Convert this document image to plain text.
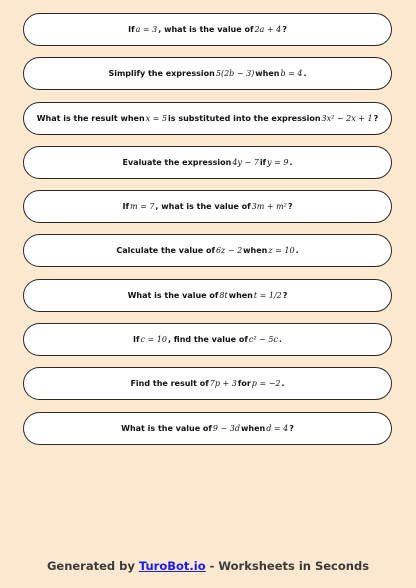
If a = 3 , what is the value of 2a + 4 ?
Simplify the expression 5(2b − 3) when b = 4 .
What is the result when x = 5 is substituted into the expression 3x² − 2x + 1 ?
Evaluate the expression 4y − 7 if y = 9 .
If m = 7 , what is the value of 3m + m² ?
Calculate the value of 6z − 2 when z = 10 .
What is the value of 8t when t = 1/2 ?
If c = 10 , find the value of c² − 5c .
Find the result of 7p + 3 for p = −2 .
What is the value of 9 − 3d when d = 4 ?
Generated by TuroBot.io - Worksheets in Seconds
